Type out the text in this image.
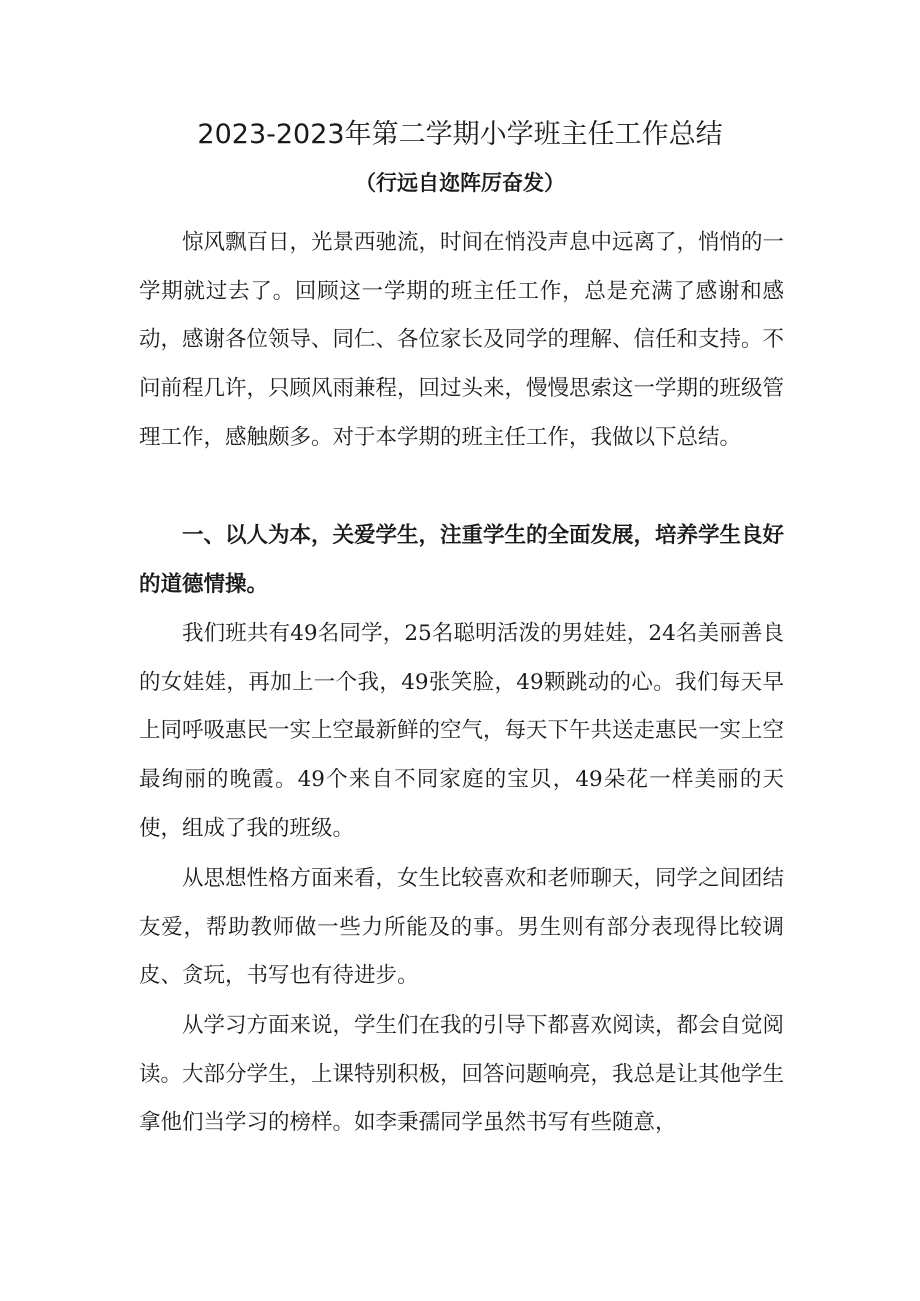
2023-2023年第二学期小学班主任工作总结

（行远自迩阵厉奋发）

惊风飘百日，光景西驰流，时间在悄没声息中远离了，悄悄的一学期就过去了。回顾这一学期的班主任工作，总是充满了感谢和感动，感谢各位领导、同仁、各位家长及同学的理解、信任和支持。不问前程几许，只顾风雨兼程，回过头来，慢慢思索这一学期的班级管理工作，感触颇多。对于本学期的班主任工作，我做以下总结。

一、以人为本，关爱学生，注重学生的全面发展，培养学生良好的道德情操。

我们班共有49名同学，25名聪明活泼的男娃娃，24名美丽善良的女娃娃，再加上一个我，49张笑脸，49颗跳动的心。我们每天早上同呼吸惠民一实上空最新鲜的空气，每天下午共送走惠民一实上空最绚丽的晚霞。49个来自不同家庭的宝贝，49朵花一样美丽的天使，组成了我的班级。

从思想性格方面来看，女生比较喜欢和老师聊天，同学之间团结友爱，帮助教师做一些力所能及的事。男生则有部分表现得比较调皮、贪玩，书写也有待进步。

从学习方面来说，学生们在我的引导下都喜欢阅读，都会自觉阅读。大部分学生，上课特别积极，回答问题响亮，我总是让其他学生拿他们当学习的榜样。如李秉孺同学虽然书写有些随意，
